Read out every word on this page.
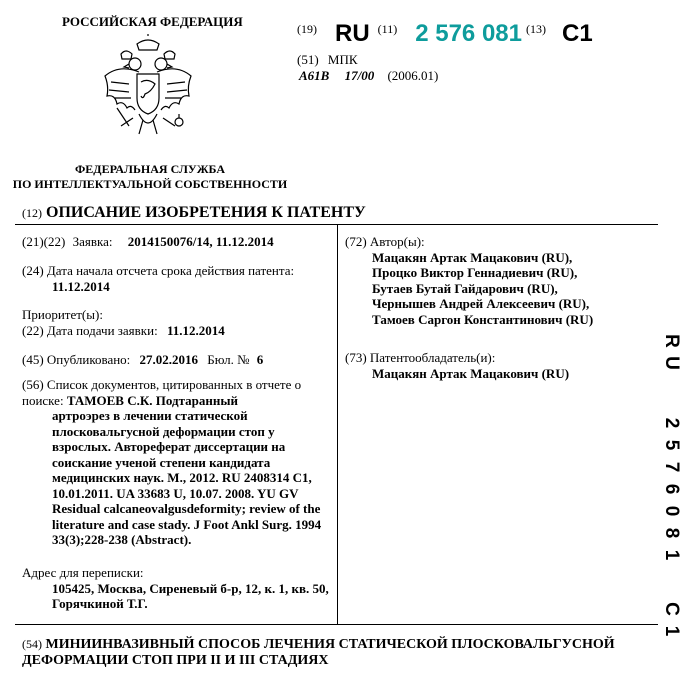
РОССИЙСКАЯ ФЕДЕРАЦИЯ
ФЕДЕРАЛЬНАЯ СЛУЖБА
ПО ИНТЕЛЛЕКТУАЛЬНОЙ СОБСТВЕННОСТИ
$^{(19)}$ RU $^{(11)}$ 2 576 081 $^{(13)}$ C1
(51) МПК
A61B 17/00 (2006.01)
(12) ОПИСАНИЕ ИЗОБРЕТЕНИЯ К ПАТЕНТУ
(21)(22) Заявка: 2014150076/14, 11.12.2014
(24) Дата начала отсчета срока действия патента:
11.12.2014
Приоритет(ы):
(22) Дата подачи заявки: 11.12.2014
(45) Опубликовано: 27.02.2016 Бюл. № 6
(56) Список документов, цитированных в отчете о поиске: ТАМОЕВ С.К. Подтаранный
артроэрез в лечении статической
плосковальгусной деформации стоп у
взрослых. Автореферат диссертации на
соискание ученой степени кандидата
медицинских наук. М., 2012. RU 2408314 C1,
10.01.2011. UA 33683 U, 10.07. 2008. YU GV
Residual calcaneovalgusdeformity; review of the
literature and case stady. J Foot Ankl Surg. 1994
33(3);228-238 (Abstract).
Адрес для переписки:
105425, Москва, Сиреневый б-р, 12, к. 1, кв. 50,
Горячкиной Т.Г.
(72) Автор(ы):
Мацакян Артак Мацакович (RU),
Процко Виктор Геннадиевич (RU),
Бутаев Бутай Гайдарович (RU),
Чернышев Андрей Алексеевич (RU),
Тамоев Саргон Константинович (RU)
(73) Патентообладатель(и):
Мацакян Артак Мацакович (RU)
R
U
2
5
7
6
0
8
1
C
1
(54) МИНИИНВАЗИВНЫЙ СПОСОБ ЛЕЧЕНИЯ СТАТИЧЕСКОЙ ПЛОСКОВАЛЬГУСНОЙ
ДЕФОРМАЦИИ СТОП ПРИ II И III СТАДИЯХ
